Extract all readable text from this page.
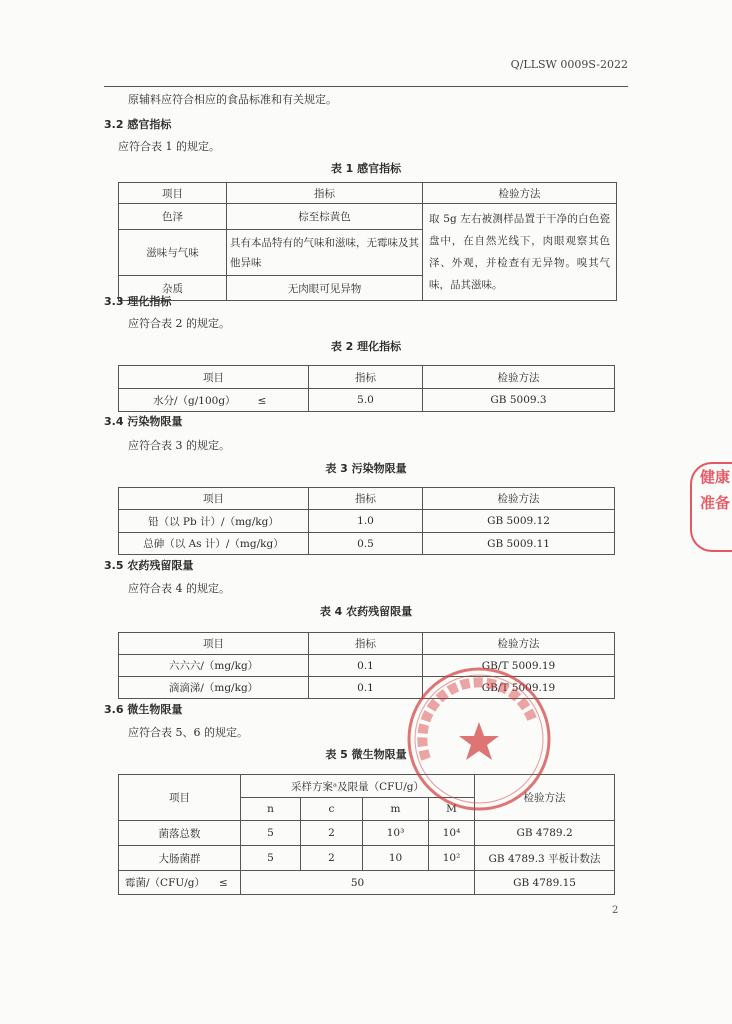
Q/LLSW 0009S-2022
原辅料应符合相应的食品标准和有关规定。
3.2 感官指标
应符合表 1 的规定。
表 1 感官指标
项目	指标	检验方法
色泽	棕至棕黄色	取 5g 左右被测样品置于干净的白色瓷盘中，在自然光线下，肉眼观察其色泽、外观，并检查有无异物。嗅其气味，品其滋味。
滋味与气味	具有本品特有的气味和滋味，无霉味及其他异味	
杂质	无肉眼可见异物	
3.3 理化指标
应符合表 2 的规定。
表 2 理化指标
项目	指标	检验方法
水分/（g/100g） ≤	5.0	GB 5009.3
3.4 污染物限量
应符合表 3 的规定。
表 3 污染物限量
项目	指标	检验方法
铅（以 Pb 计）/（mg/kg）	1.0	GB 5009.12
总砷（以 As 计）/（mg/kg）	0.5	GB 5009.11
3.5 农药残留限量
应符合表 4 的规定。
表 4 农药残留限量
项目	指标	检验方法
六六六/（mg/kg）	0.1	GB/T 5009.19
滴滴涕/（mg/kg）	0.1	GB/T 5009.19
3.6 微生物限量
应符合表 5、6 的规定。
表 5 微生物限量
项目	采样方案ᵃ及限量（CFU/g）				检验方法
	n	c	m	M	
菌落总数	5	2	10³	10⁴	GB 4789.2
大肠菌群	5	2	10	10²	GB 4789.3 平板计数法
霉菌/（CFU/g） ≤	50				GB 4789.15
健康准备
2
